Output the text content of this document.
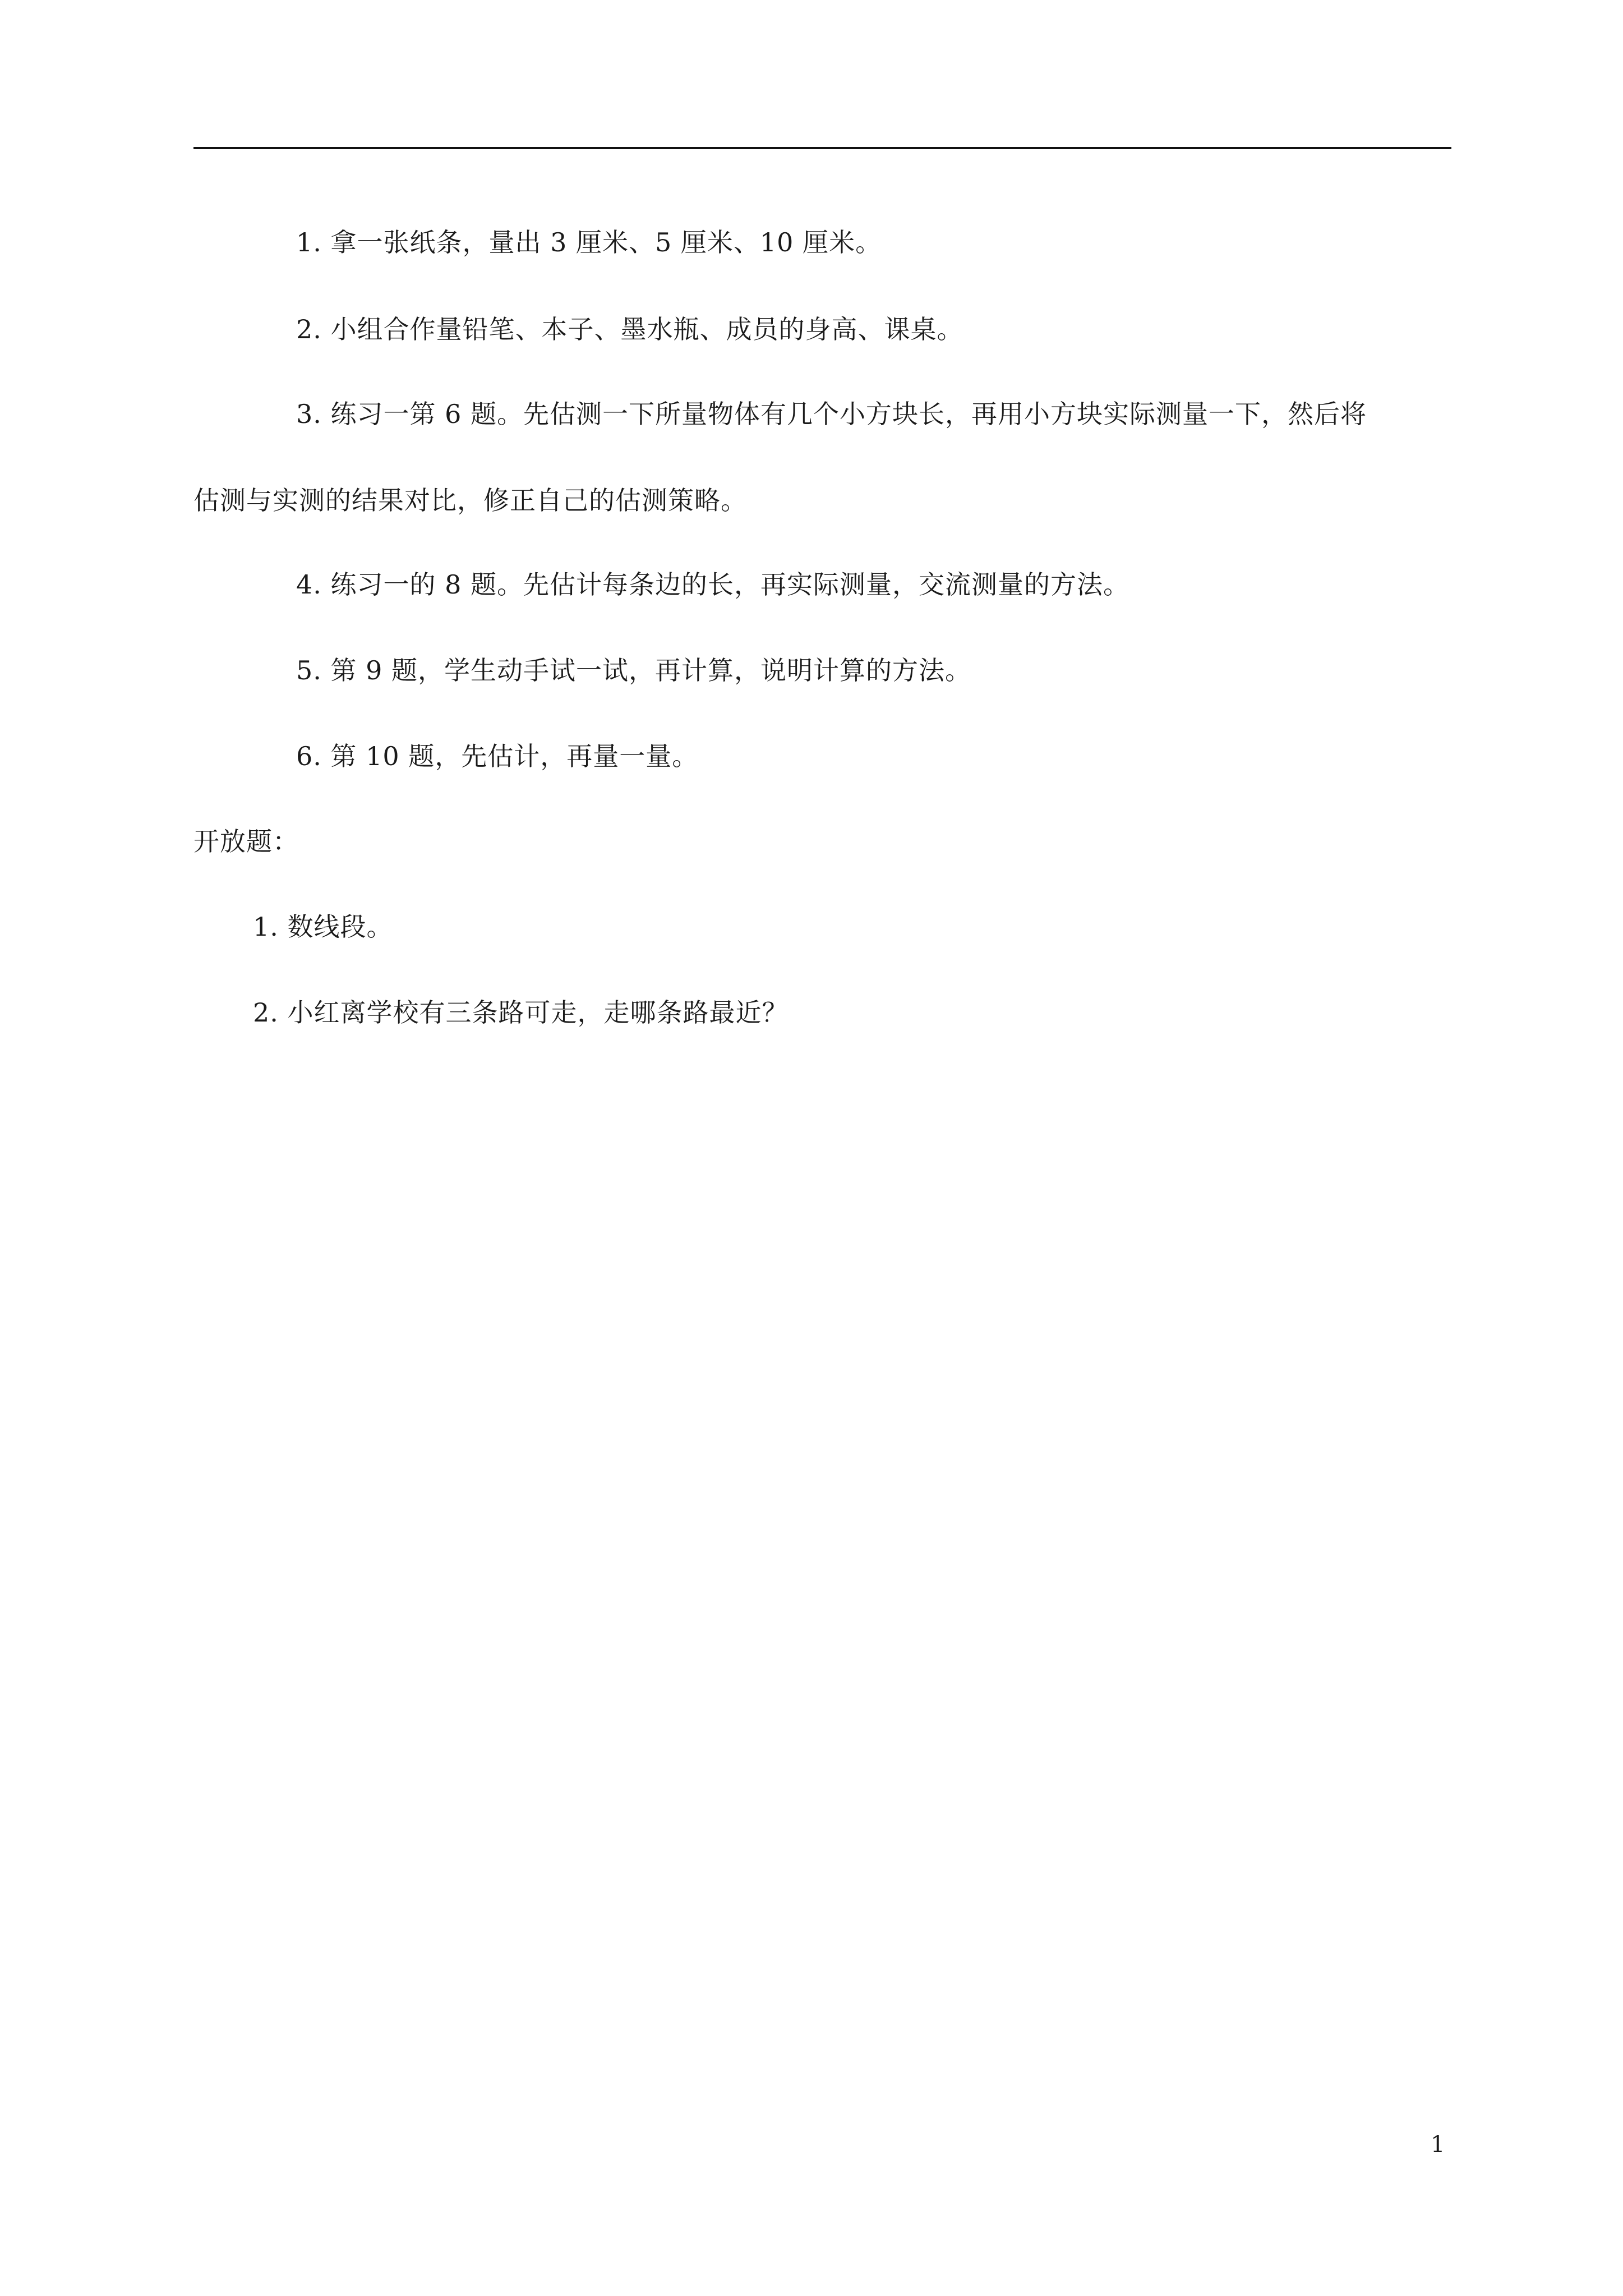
1. 拿一张纸条，量出 3 厘米、5 厘米、10 厘米。
2. 小组合作量铅笔、本子、墨水瓶、成员的身高、课桌。
3. 练习一第 6 题。先估测一下所量物体有几个小方块长，再用小方块实际测量一下，然后将
估测与实测的结果对比，修正自己的估测策略。
4. 练习一的 8 题。先估计每条边的长，再实际测量，交流测量的方法。
5. 第 9 题，学生动手试一试，再计算，说明计算的方法。
6. 第 10 题，先估计，再量一量。
开放题：
1. 数线段。
2. 小红离学校有三条路可走，走哪条路最近？
1
